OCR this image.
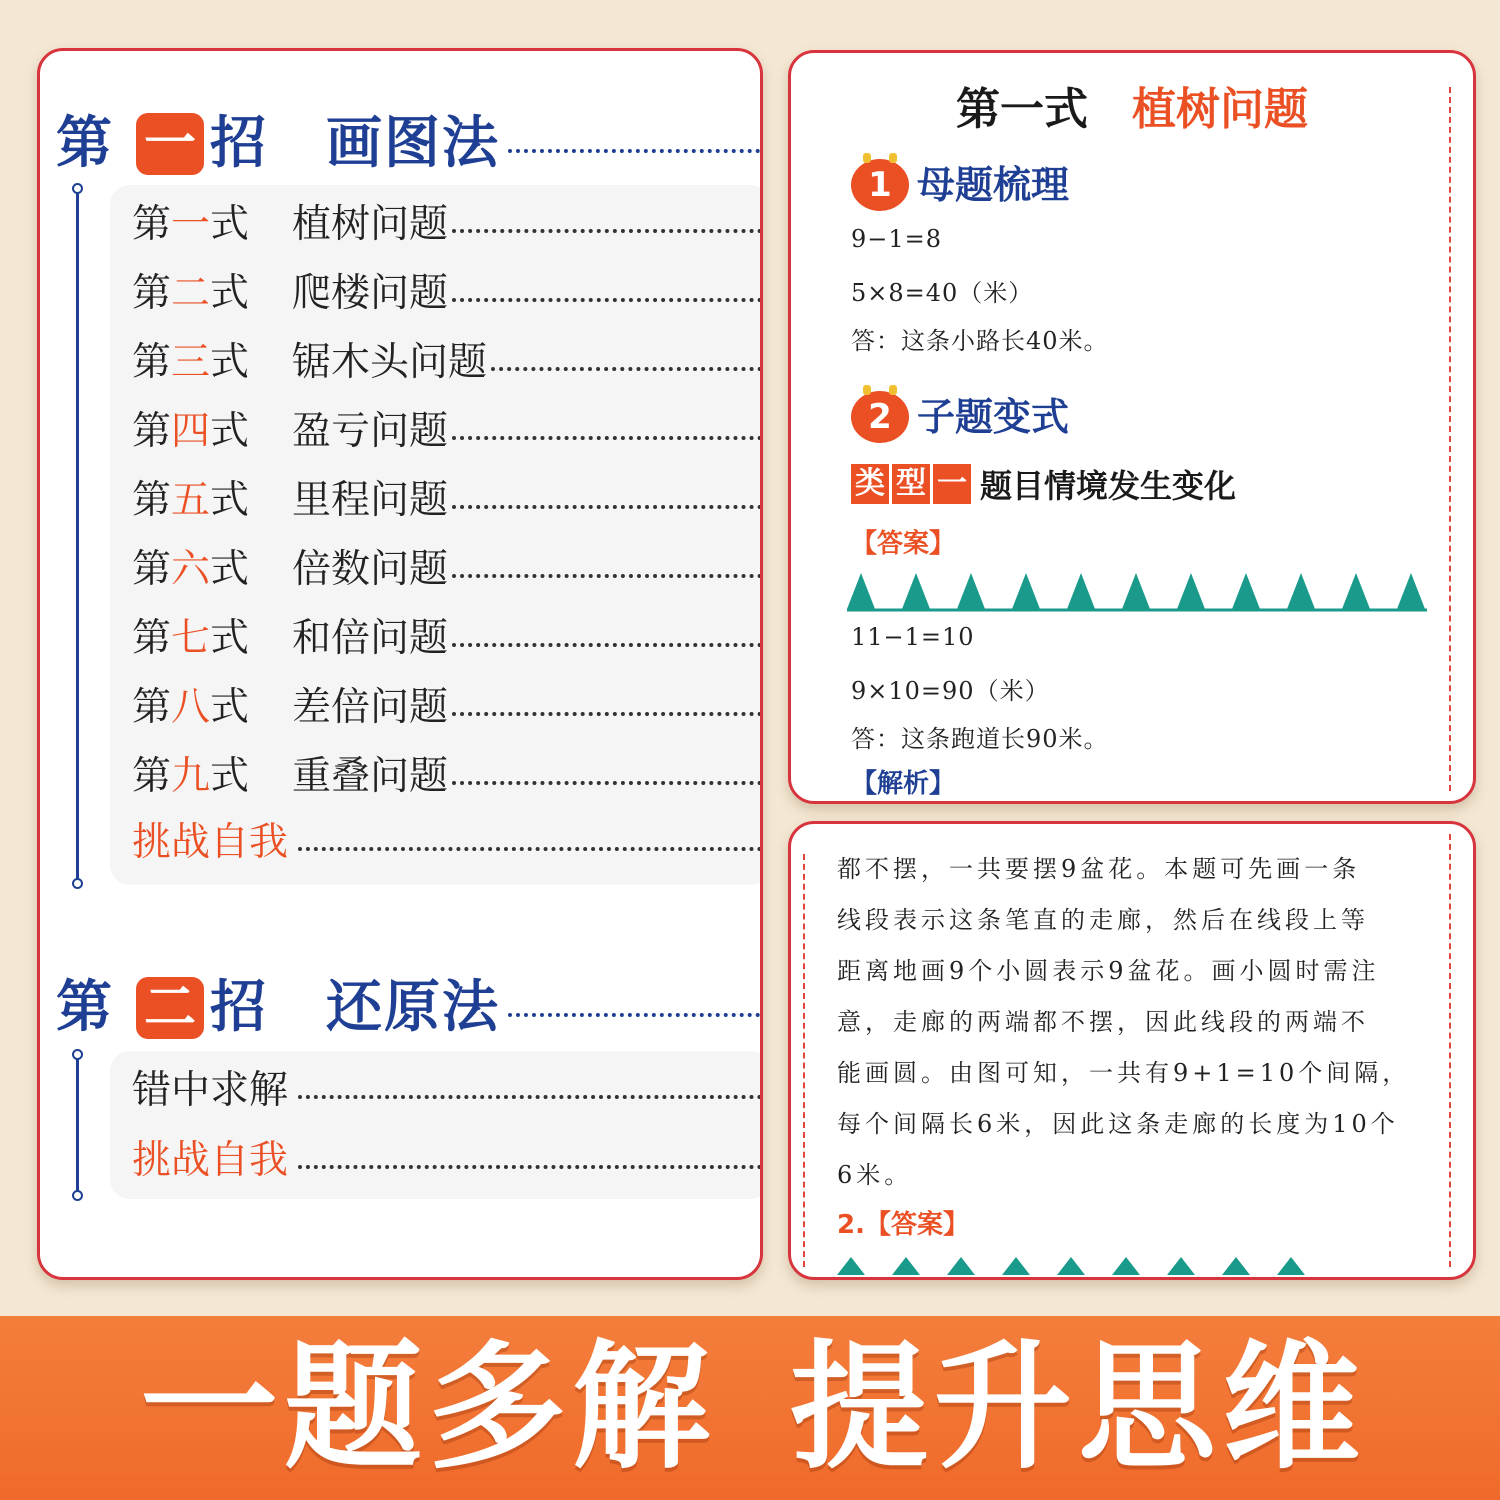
第 一 招 画图法
第一式 植树问题
第二式 爬楼问题
第三式 锯木头问题
第四式 盈亏问题
第五式 里程问题
第六式 倍数问题
第七式 和倍问题
第八式 差倍问题
第九式 重叠问题
挑战自我
第 二 招 还原法
错中求解
挑战自我
第一式 植树问题
1 母题梳理
9−1=8
5×8=40（米）
答：这条小路长40米。
2 子题变式
类 型 一 题目情境发生变化
【答案】
11−1=10
9×10=90（米）
答：这条跑道长90米。
【解析】
都不摆，一共要摆9盆花。本题可先画一条
线段表示这条笔直的走廊，然后在线段上等
距离地画9个小圆表示9盆花。画小圆时需注
意，走廊的两端都不摆，因此线段的两端不
能画圆。由图可知，一共有9+1=10个间隔，
每个间隔长6米，因此这条走廊的长度为10个
6米。
2.【答案】
一题多解 提升思维
